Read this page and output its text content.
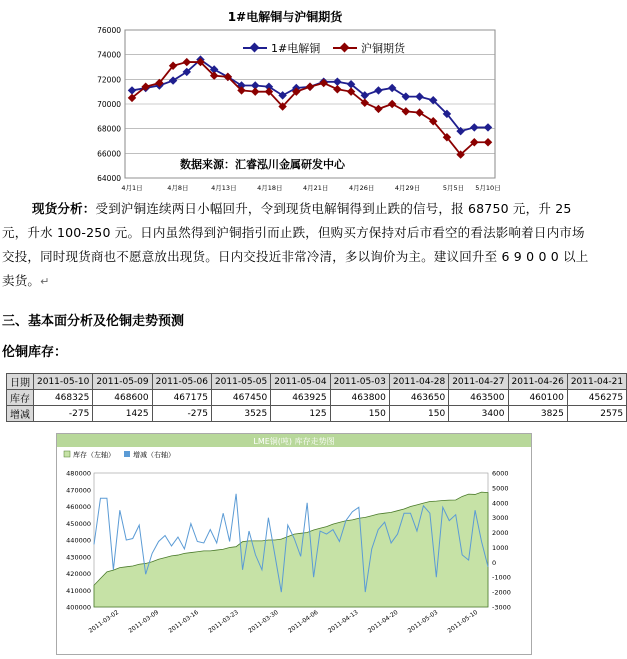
1#电解铜与沪铜期货
64000
66000
68000
70000
72000
74000
76000
4月1日	4月8日	4月13日	4月18日	4月21日	4月26日	4月29日	5月5日 5月10日
1#电解铜	沪铜期货
数据来源：汇睿泓川金属研发中心
现货分析：受到沪铜连续两日小幅回升，令到现货电解铜得到止跌的信号，报 68750 元，升 25 元，升水 100-250 元。日内虽然得到沪铜指引而止跌，但购买方保持对后市看空的看法影响着日内市场交投，同时现货商也不愿意放出现货。日内交投近非常冷清，多以询价为主。建议回升至 6 9 0 0 0 以上卖货。↵
三、基本面分析及伦铜走势预测
伦铜库存：
日期	2011-05-10	2011-05-09	2011-05-06	2011-05-05	2011-05-04	2011-05-03	2011-04-28	2011-04-27	2011-04-26	2011-04-21
库存	468325	468600	467175	467450	463925	463800	463650	463500	460100	456275
增减	-275	1425	-275	3525	125	150	150	3400	3825	2575
LME铜(吨) 库存走势图
库存（左轴）	增减（右轴）
400000
410000
420000
430000
440000
450000
460000
470000
480000
-3000
-2000
-1000
0
1000
2000
3000
4000
5000
6000
2011-03-02 2011-03-09 2011-03-16 2011-03-23 2011-03-30 2011-04-06 2011-04-13 2011-04-20 2011-05-03 2011-05-10
